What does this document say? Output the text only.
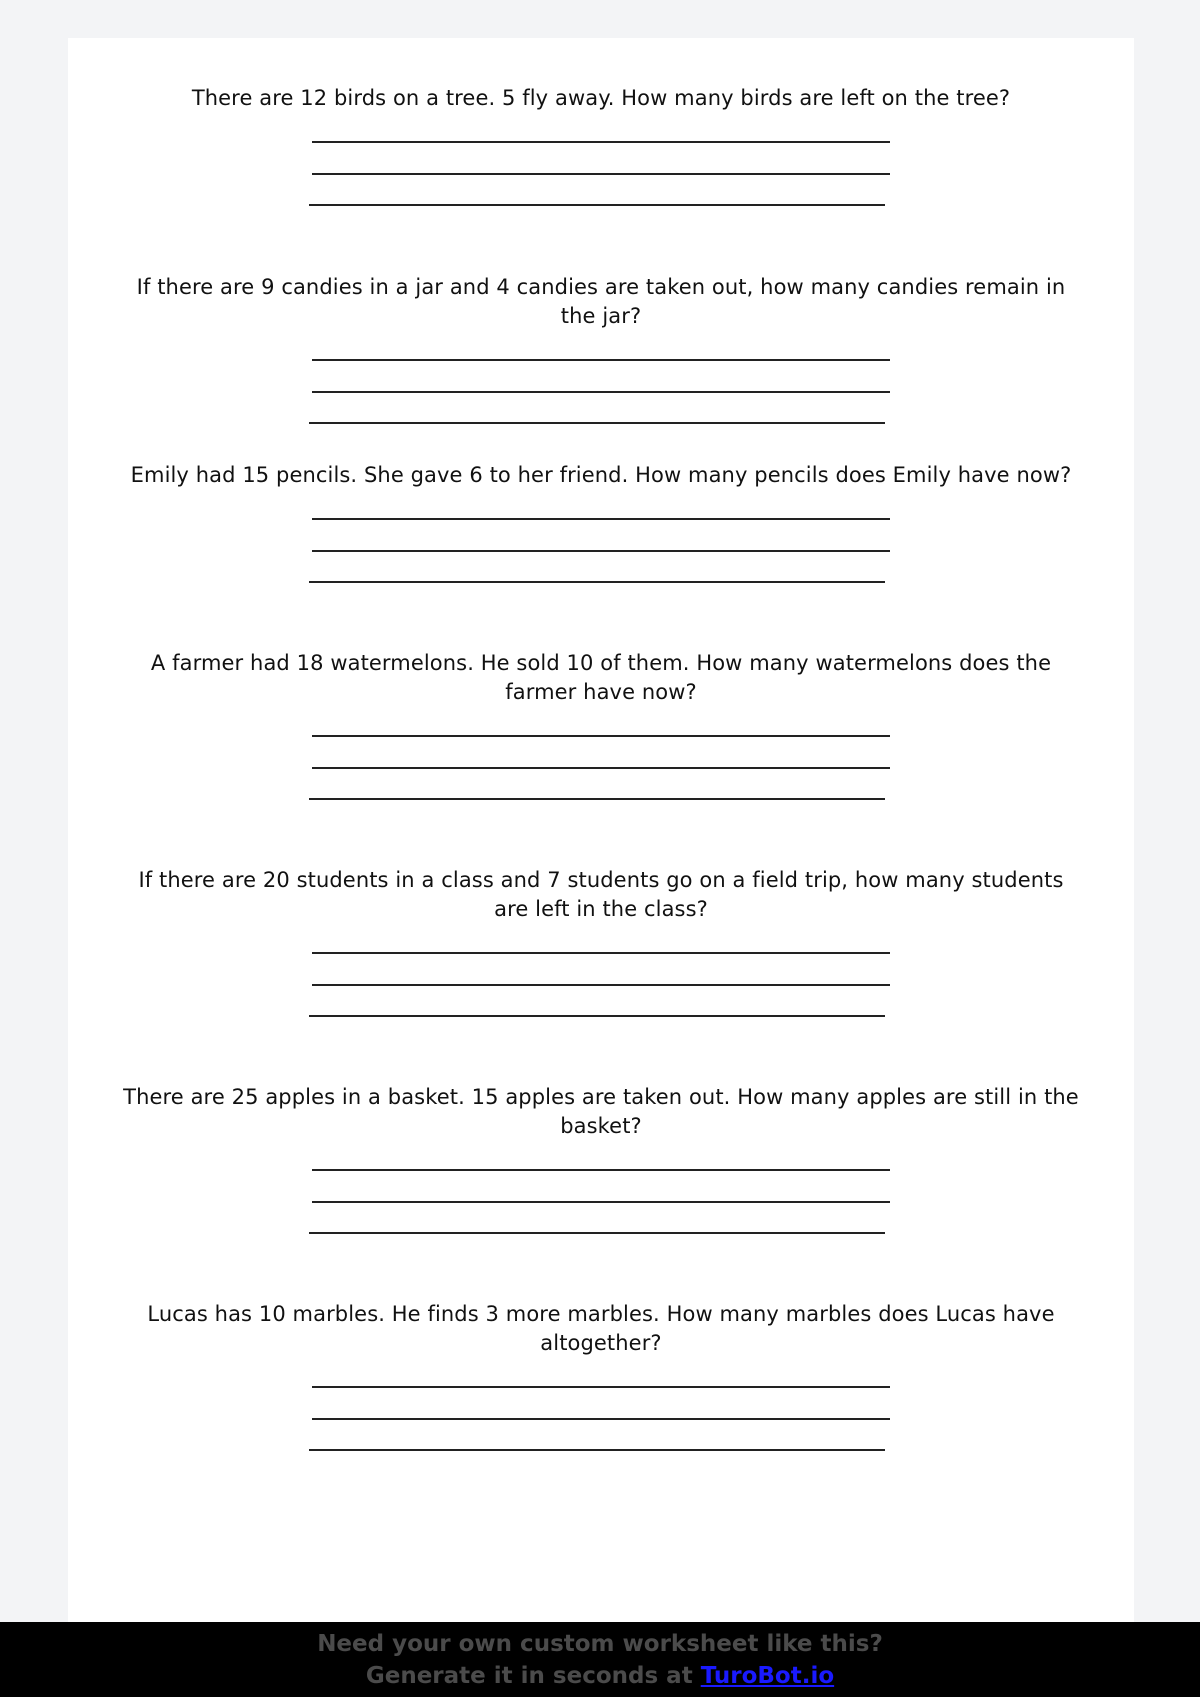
There are 12 birds on a tree. 5 fly away. How many birds are left on the tree?
If there are 9 candies in a jar and 4 candies are taken out, how many candies remain in the jar?
Emily had 15 pencils. She gave 6 to her friend. How many pencils does Emily have now?
A farmer had 18 watermelons. He sold 10 of them. How many watermelons does the farmer have now?
If there are 20 students in a class and 7 students go on a field trip, how many students are left in the class?
There are 25 apples in a basket. 15 apples are taken out. How many apples are still in the basket?
Lucas has 10 marbles. He finds 3 more marbles. How many marbles does Lucas have altogether?
Need your own custom worksheet like this?
Generate it in seconds at TuroBot.io
